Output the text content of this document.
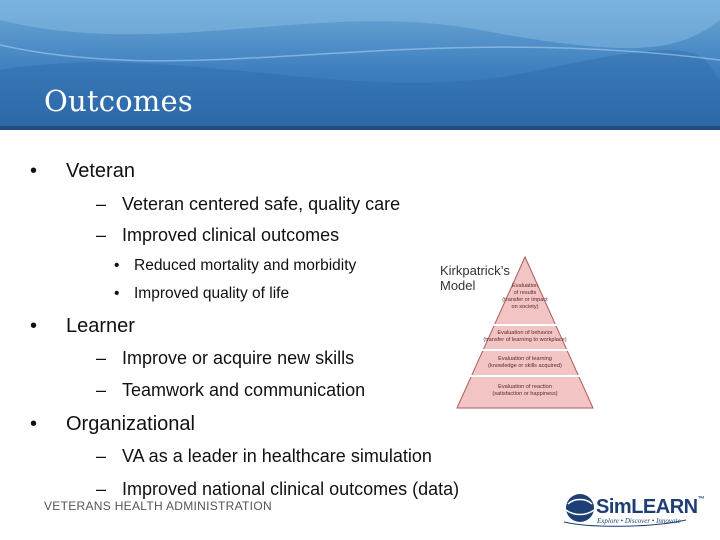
Outcomes
• Veteran
– Veteran centered safe, quality care
– Improved clinical outcomes
• Reduced mortality and morbidity
• Improved quality of life
• Learner
– Improve or acquire new skills
– Teamwork and communication
• Organizational
– VA as a leader in healthcare simulation
– Improved national clinical outcomes (data)
Kirkpatrick’s
Model	Evaluation
of results
(transfer or impact
on society)
Evaluation of behavior
(transfer of learning to workplace)
Evaluation of learning
(knowledge or skills acquired)
Evaluation of reaction
(satisfaction or happiness)
VETERANS HEALTH ADMINISTRATION	SimLEARN™
Explore • Discover • Innovate
